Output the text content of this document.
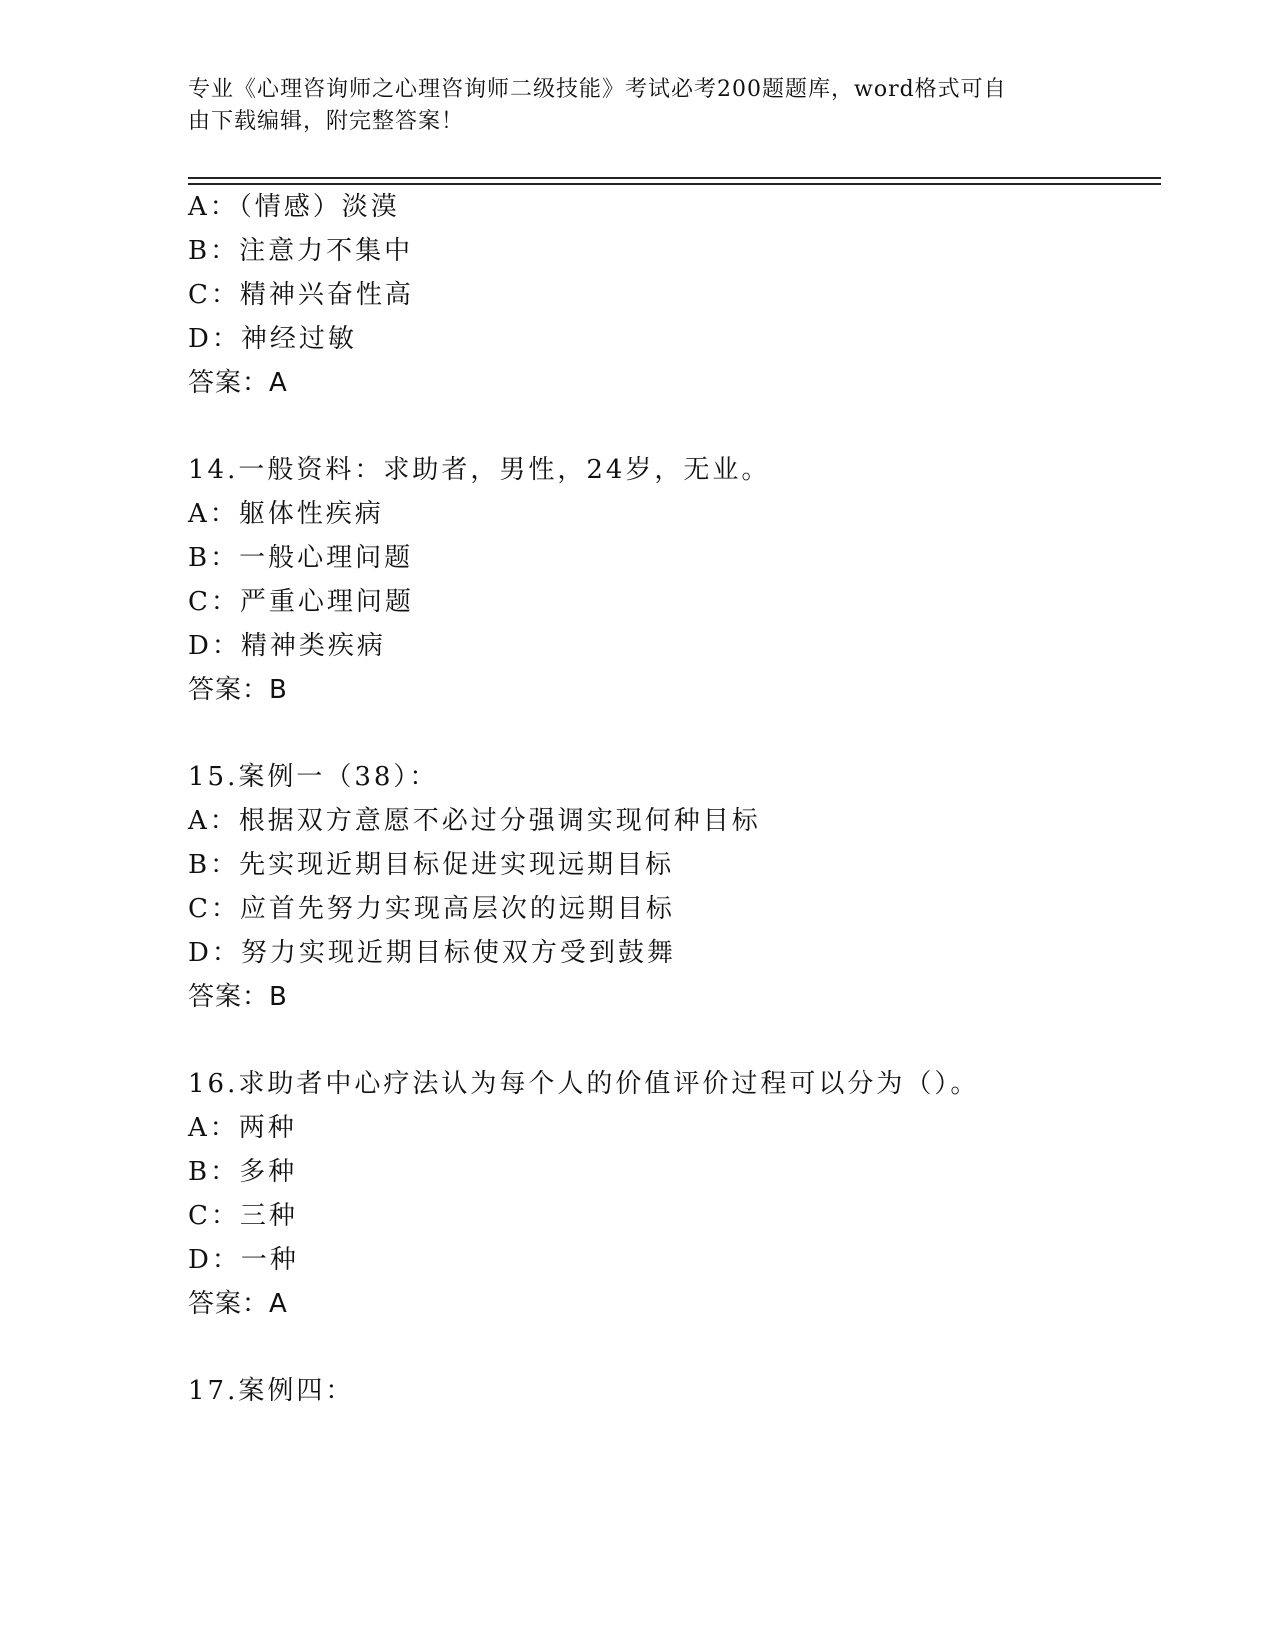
专业《心理咨询师之心理咨询师二级技能》考试必考200题题库，word格式可自
由下载编辑，附完整答案！
A：（情感）淡漠
B：注意力不集中
C：精神兴奋性高
D：神经过敏
答案：A
14.一般资料：求助者，男性，24岁，无业。
A：躯体性疾病
B：一般心理问题
C：严重心理问题
D：精神类疾病
答案：B
15.案例一（38）：
A：根据双方意愿不必过分强调实现何种目标
B：先实现近期目标促进实现远期目标
C：应首先努力实现高层次的远期目标
D：努力实现近期目标使双方受到鼓舞
答案：B
16.求助者中心疗法认为每个人的价值评价过程可以分为（）。
A：两种
B：多种
C：三种
D：一种
答案：A
17.案例四：
